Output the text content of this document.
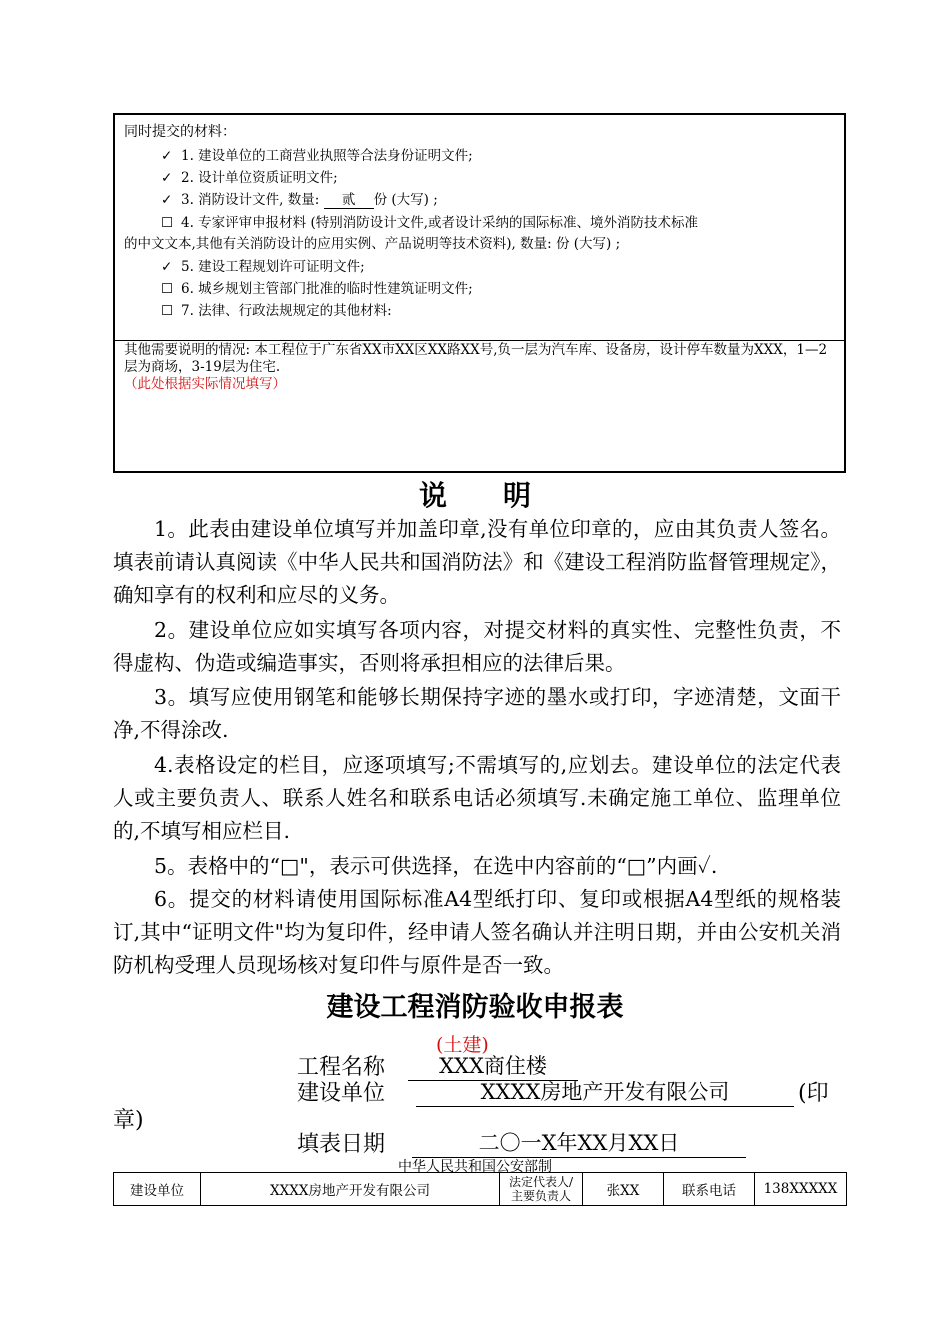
同时提交的材料：
✓ 1. 建设单位的工商营业执照等合法身份证明文件;
✓ 2. 设计单位资质证明文件;
✓ 3. 消防设计文件, 数量: 贰 份 (大写) ;
☐ 4. 专家评审申报材料 (特别消防设计文件,或者设计采纳的国际标准、境外消防技术标准
的中文文本,其他有关消防设计的应用实例、产品说明等技术资料), 数量: 份 (大写) ;
✓ 5. 建设工程规划许可证明文件;
☐ 6. 城乡规划主管部门批准的临时性建筑证明文件;
☐ 7. 法律、行政法规规定的其他材料:
其他需要说明的情况: 本工程位于广东省XX市XX区XX路XX号,负一层为汽车库、设备房，设计停车数量为XXX，1—2层为商场，3-19层为住宅.
（此处根据实际情况填写）
说明
1。此表由建设单位填写并加盖印章,没有单位印章的，应由其负责人签名。填表前请认真阅读《中华人民共和国消防法》和《建设工程消防监督管理规定》，确知享有的权利和应尽的义务。
2。建设单位应如实填写各项内容，对提交材料的真实性、完整性负责，不得虚构、伪造或编造事实，否则将承担相应的法律后果。
3。填写应使用钢笔和能够长期保持字迹的墨水或打印，字迹清楚，文面干净,不得涂改.
4.表格设定的栏目，应逐项填写;不需填写的,应划去。建设单位的法定代表人或主要负责人、联系人姓名和联系电话必须填写.未确定施工单位、监理单位的,不填写相应栏目.
5。表格中的“□"，表示可供选择，在选中内容前的“□”内画✓.
6。提交的材料请使用国际标准A4型纸打印、复印或根据A4型纸的规格装订,其中“证明文件"均为复印件，经申请人签名确认并注明日期，并由公安机关消防机构受理人员现场核对复印件与原件是否一致。
建设工程消防验收申报表
(土建)
工程名称	XXX商住楼
建设单位	XXXX房地产开发有限公司	(印
章)
填表日期	二〇一X年XX月XX日
中华人民共和国公安部制
建设单位	XXXX房地产开发有限公司	法定代表人/
主要负责人	张XX	联系电话	138XXXXX
